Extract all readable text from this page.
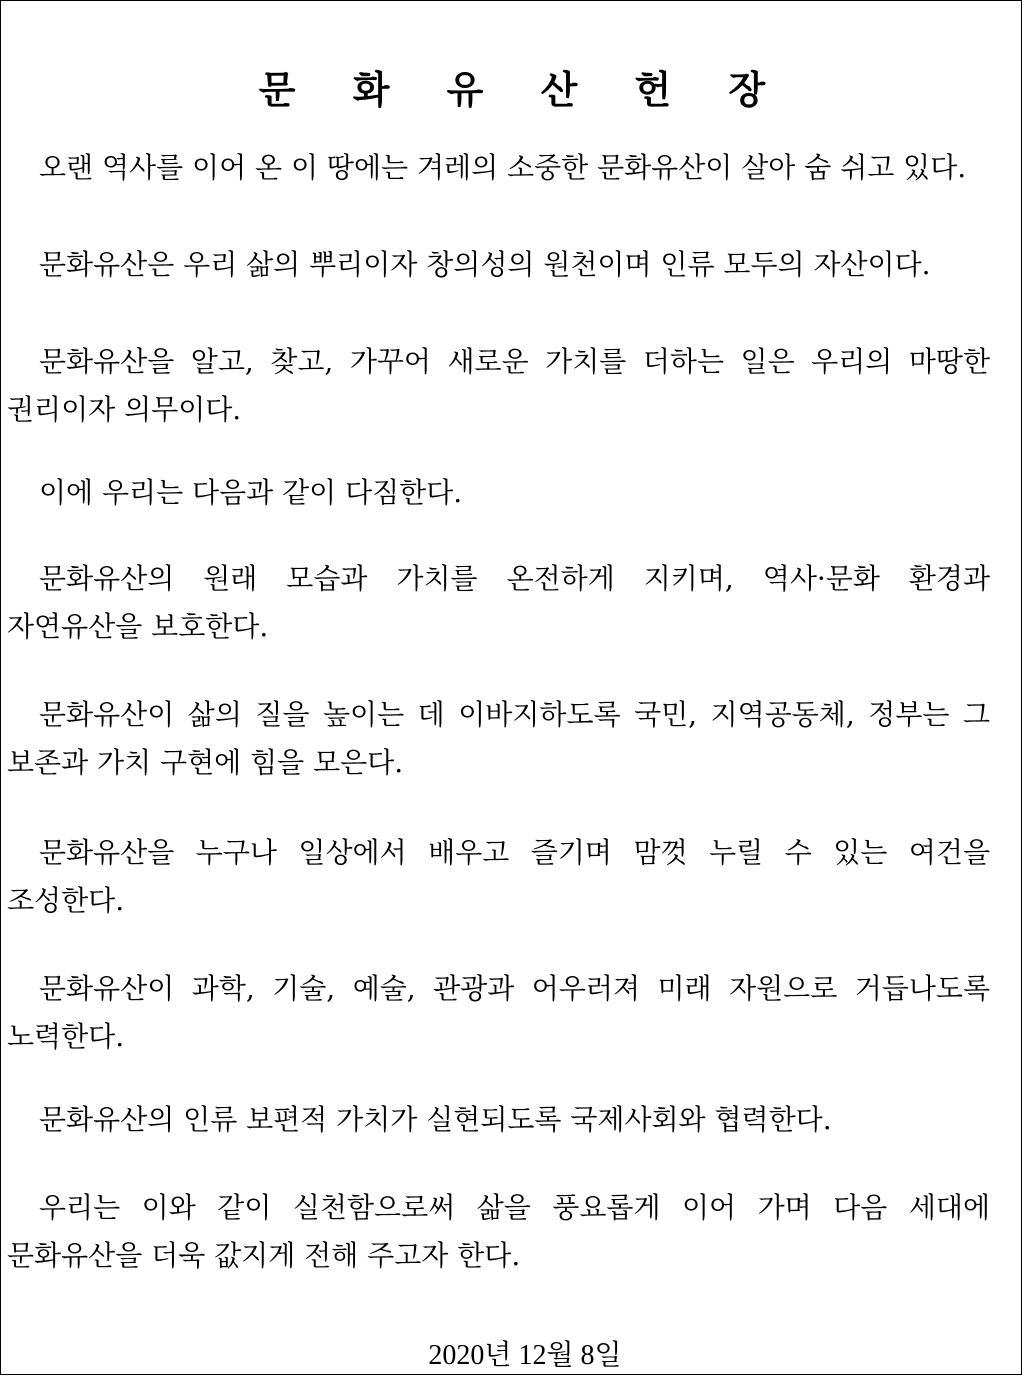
문 화 유 산 헌 장
오랜 역사를 이어 온 이 땅에는 겨레의 소중한 문화유산이 살아 숨 쉬고 있다.
문화유산은 우리 삶의 뿌리이자 창의성의 원천이며 인류 모두의 자산이다.
문화유산을 알고, 찾고, 가꾸어 새로운 가치를 더하는 일은 우리의 마땅한 권리이자 의무이다.
이에 우리는 다음과 같이 다짐한다.
문화유산의 원래 모습과 가치를 온전하게 지키며, 역사·문화 환경과 자연유산을 보호한다.
문화유산이 삶의 질을 높이는 데 이바지하도록 국민, 지역공동체, 정부는 그 보존과 가치 구현에 힘을 모은다.
문화유산을 누구나 일상에서 배우고 즐기며 맘껏 누릴 수 있는 여건을 조성한다.
문화유산이 과학, 기술, 예술, 관광과 어우러져 미래 자원으로 거듭나도록 노력한다.
문화유산의 인류 보편적 가치가 실현되도록 국제사회와 협력한다.
우리는 이와 같이 실천함으로써 삶을 풍요롭게 이어 가며 다음 세대에 문화유산을 더욱 값지게 전해 주고자 한다.
2020년 12월 8일
